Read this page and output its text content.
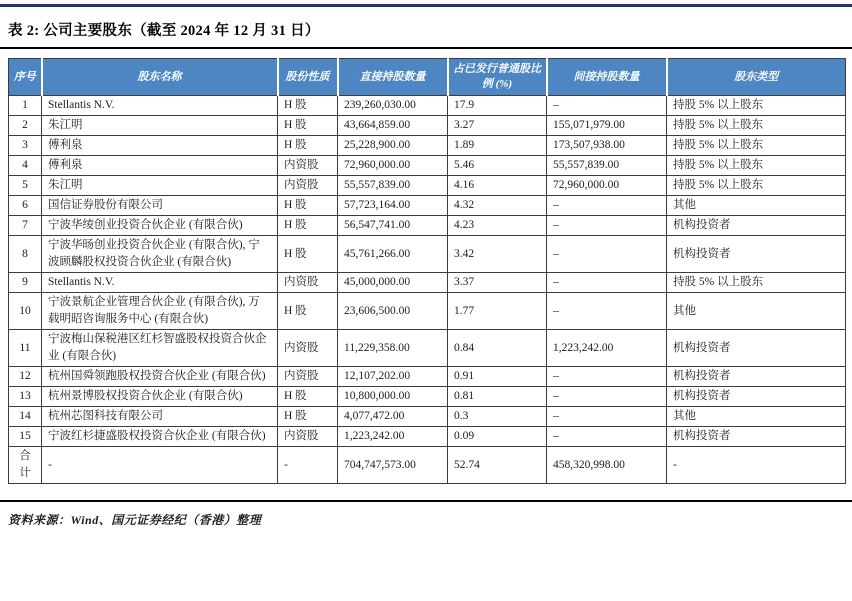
表 2: 公司主要股东（截至 2024 年 12 月 31 日）
序号	股东名称	股份性质	直接持股数量	占已发行普通股比例 (%)	间接持股数量	股东类型
1	Stellantis N.V.	H 股	239,260,030.00	17.9	–	持股 5% 以上股东
2	朱江明	H 股	43,664,859.00	3.27	155,071,979.00	持股 5% 以上股东
3	傅利泉	H 股	25,228,900.00	1.89	173,507,938.00	持股 5% 以上股东
4	傅利泉	内资股	72,960,000.00	5.46	55,557,839.00	持股 5% 以上股东
5	朱江明	内资股	55,557,839.00	4.16	72,960,000.00	持股 5% 以上股东
6	国信证券股份有限公司	H 股	57,723,164.00	4.32	–	其他
7	宁波华绫创业投资合伙企业 (有限合伙)	H 股	56,547,741.00	4.23	–	机构投资者
8	宁波华旸创业投资合伙企业 (有限合伙), 宁波顾麟股权投资合伙企业 (有限合伙)	H 股	45,761,266.00	3.42	–	机构投资者
9	Stellantis N.V.	内资股	45,000,000.00	3.37	–	持股 5% 以上股东
10	宁波景航企业管理合伙企业 (有限合伙), 万载明昭咨询服务中心 (有限合伙)	H 股	23,606,500.00	1.77	–	其他
11	宁波梅山保税港区红杉智盛股权投资合伙企业 (有限合伙)	内资股	11,229,358.00	0.84	1,223,242.00	机构投资者
12	杭州国舜领跑股权投资合伙企业 (有限合伙)	内资股	12,107,202.00	0.91	–	机构投资者
13	杭州景博股权投资合伙企业 (有限合伙)	H 股	10,800,000.00	0.81	–	机构投资者
14	杭州芯图科技有限公司	H 股	4,077,472.00	0.3	–	其他
15	宁波红杉捷盛股权投资合伙企业 (有限合伙)	内资股	1,223,242.00	0.09	–	机构投资者
合计	-	-	704,747,573.00	52.74	458,320,998.00	-
资料来源：Wind、国元证券经纪（香港）整理
